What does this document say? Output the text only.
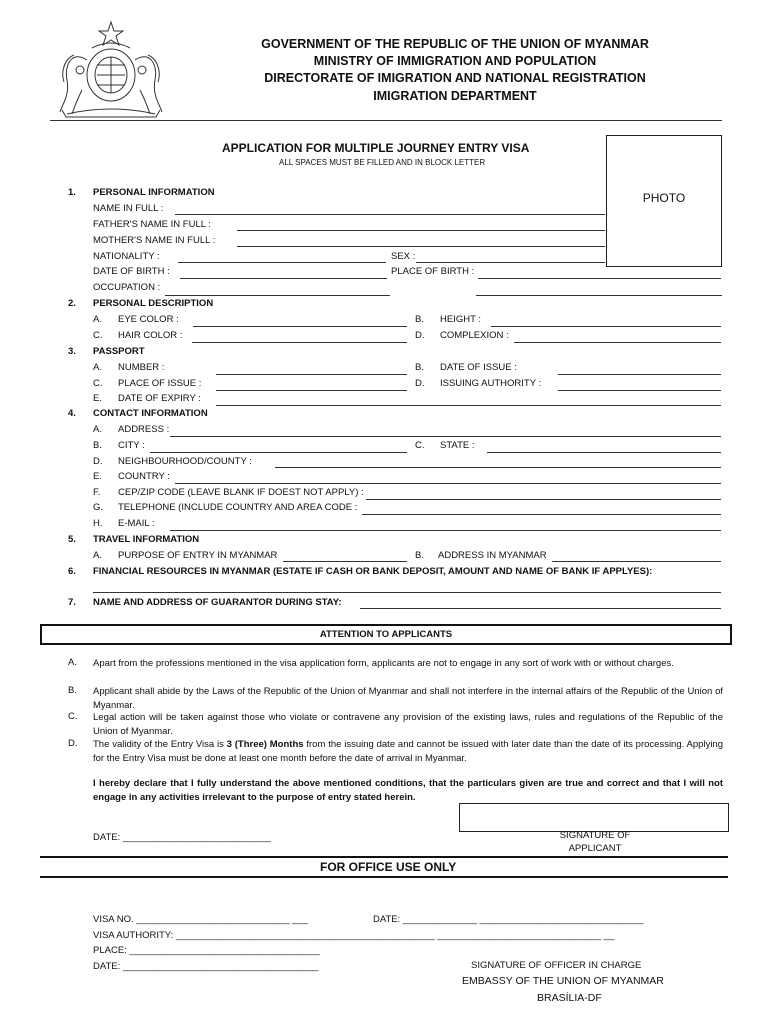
GOVERNMENT OF THE REPUBLIC OF THE UNION OF MYANMAR
MINISTRY OF IMMIGRATION AND POPULATION
DIRECTORATE OF IMIGRATION AND NATIONAL REGISTRATION
IMIGRATION DEPARTMENT
APPLICATION FOR MULTIPLE JOURNEY ENTRY VISA
ALL SPACES MUST BE FILLED AND IN BLOCK LETTER
PHOTO
1. PERSONAL INFORMATION
NAME IN FULL :
FATHER'S NAME IN FULL :
MOTHER'S NAME IN FULL :
NATIONALITY :	SEX :
DATE OF BIRTH :	PLACE OF BIRTH :
OCCUPATION :
2. PERSONAL DESCRIPTION
A. EYE COLOR :	B. HEIGHT :
C. HAIR COLOR :	D. COMPLEXION :
3. PASSPORT
A. NUMBER :	B. DATE OF ISSUE :
C. PLACE OF ISSUE :	D. ISSUING AUTHORITY :
E. DATE OF EXPIRY :
4. CONTACT INFORMATION
A. ADDRESS :
B. CITY :	C. STATE :
D. NEIGHBOURHOOD/COUNTY :
E. COUNTRY :
F. CEP/ZIP CODE (LEAVE BLANK IF DOEST NOT APPLY) :
G. TELEPHONE (INCLUDE COUNTRY AND AREA CODE :
H. E-MAIL :
5. TRAVEL INFORMATION
A. PURPOSE OF ENTRY IN MYANMAR	B. ADDRESS IN MYANMAR
6. FINANCIAL RESOURCES IN MYANMAR (ESTATE IF CASH OR BANK DEPOSIT, AMOUNT AND NAME OF BANK IF APPLYES):
7. NAME AND ADDRESS OF GUARANTOR DURING STAY:
ATTENTION TO APPLICANTS
A. Apart from the professions mentioned in the visa application form, applicants are not to engage in any sort of work with or without charges.
B. Applicant shall abide by the Laws of the Republic of the Union of Myanmar and shall not interfere in the internal affairs of the Republic of the Union of Myanmar.
C. Legal action will be taken against those who violate or contravene any provision of the existing laws, rules and regulations of the Republic of the Union of Myanmar.
D. The validity of the Entry Visa is 3 (Three) Months from the issuing date and cannot be issued with later date than the date of its processing. Applying for the Entry Visa must be done at least one month before the date of arrival in Myanmar.
I hereby declare that I fully understand the above mentioned conditions, that the particulars given are true and correct and that I will not engage in any activities irrelevant to the purpose of entry stated herein.
DATE: ____________________________	SIGNATURE OF
APPLICANT
FOR OFFICE USE ONLY
VISA NO. _____________________________ ___	DATE: ______________ _______________________________
VISA AUTHORITY: _________________________________________________ _______________________________ __
PLACE: ____________________________________
DATE: _____________________________________	SIGNATURE OF OFFICER IN CHARGE
EMBASSY OF THE UNION OF MYANMAR
BRASÍLIA-DF
